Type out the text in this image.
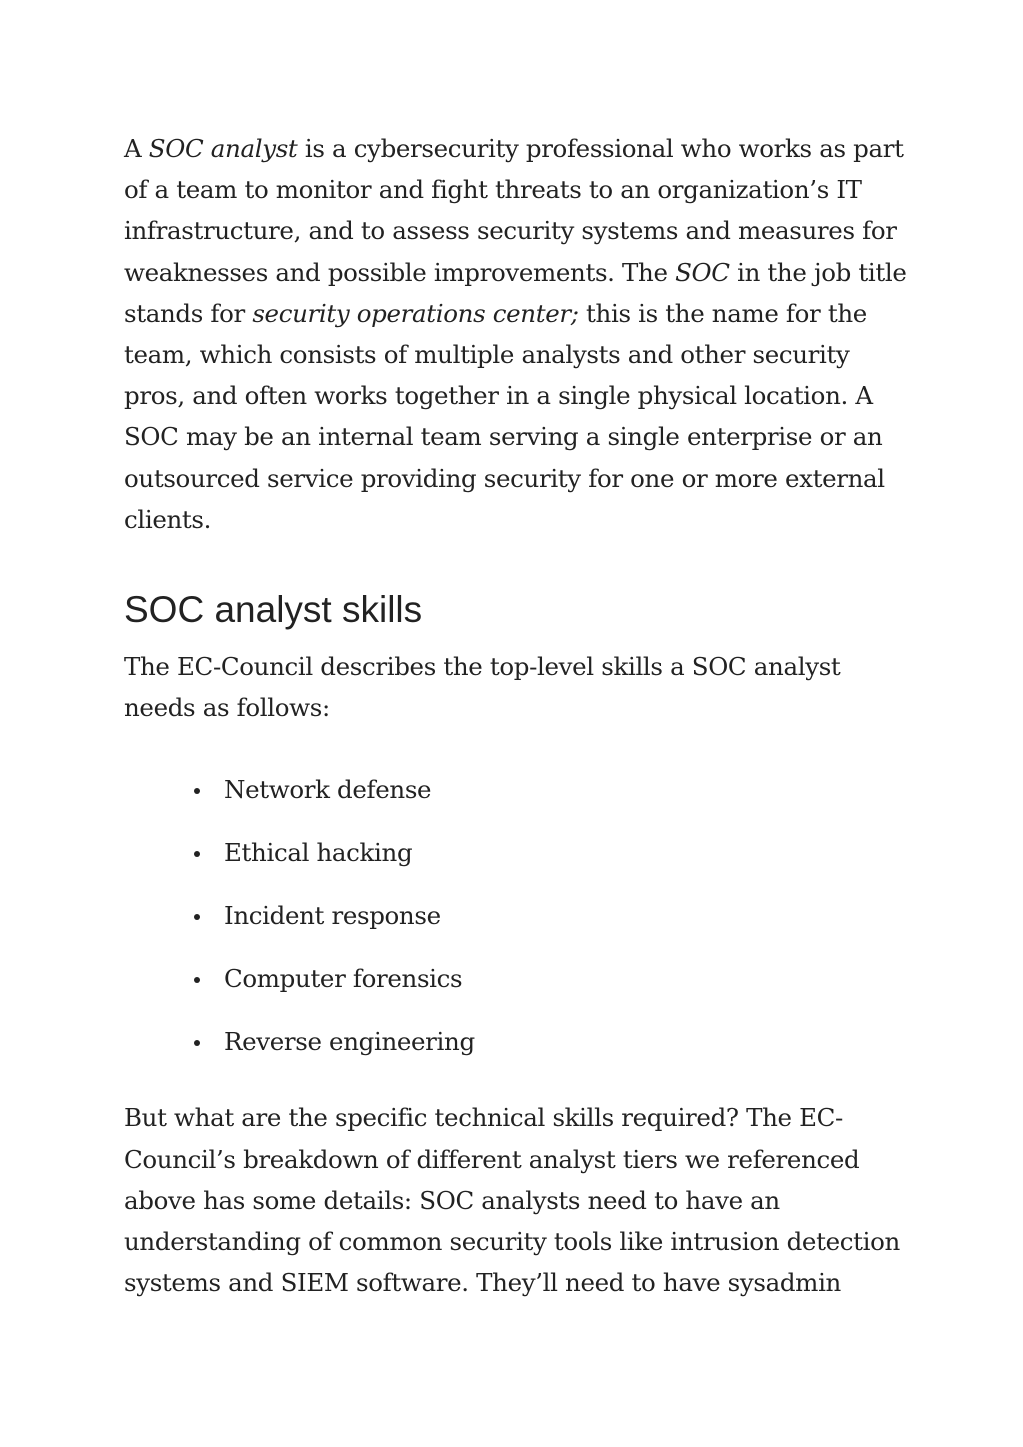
A SOC analyst is a cybersecurity professional who works as part of a team to monitor and fight threats to an organization’s IT infrastructure, and to assess security systems and measures for weaknesses and possible improvements. The SOC in the job title stands for security operations center; this is the name for the team, which consists of multiple analysts and other security pros, and often works together in a single physical location. A SOC may be an internal team serving a single enterprise or an outsourced service providing security for one or more external clients.

SOC analyst skills

The EC-Council describes the top-level skills a SOC analyst needs as follows:

Network defense
Ethical hacking
Incident response
Computer forensics
Reverse engineering

But what are the specific technical skills required? The EC-Council’s breakdown of different analyst tiers we referenced above has some details: SOC analysts need to have an understanding of common security tools like intrusion detection systems and SIEM software. They’ll need to have sysadmin
